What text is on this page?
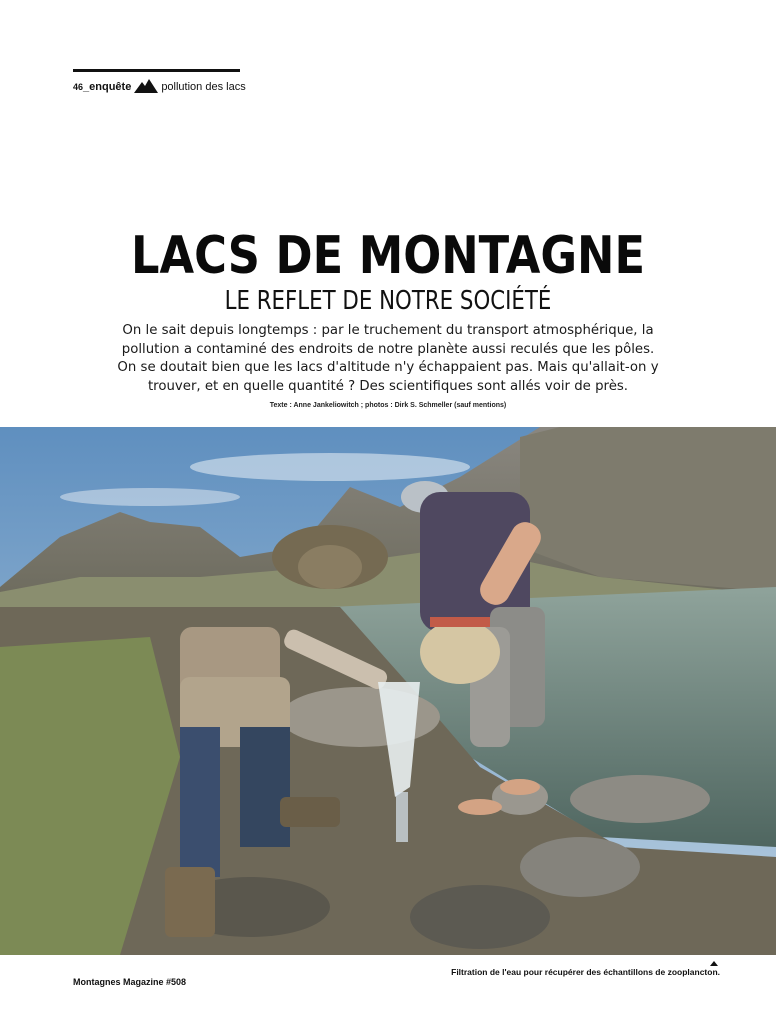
46 _enquête	pollution des lacs
LACS DE MONTAGNE
LE REFLET DE NOTRE SOCIÉTÉ
On le sait depuis longtemps : par le truchement du transport atmosphérique, la
pollution a contaminé des endroits de notre planète aussi reculés que les pôles.
On se doutait bien que les lacs d'altitude n'y échappaient pas. Mais qu'allait-on y
trouver, et en quelle quantité ? Des scientifiques sont allés voir de près.
Texte : Anne Jankeliowitch ; photos : Dirk S. Schmeller (sauf mentions)
Filtration de l'eau pour récupérer des échantillons de zooplancton.
Montagnes Magazine #508
